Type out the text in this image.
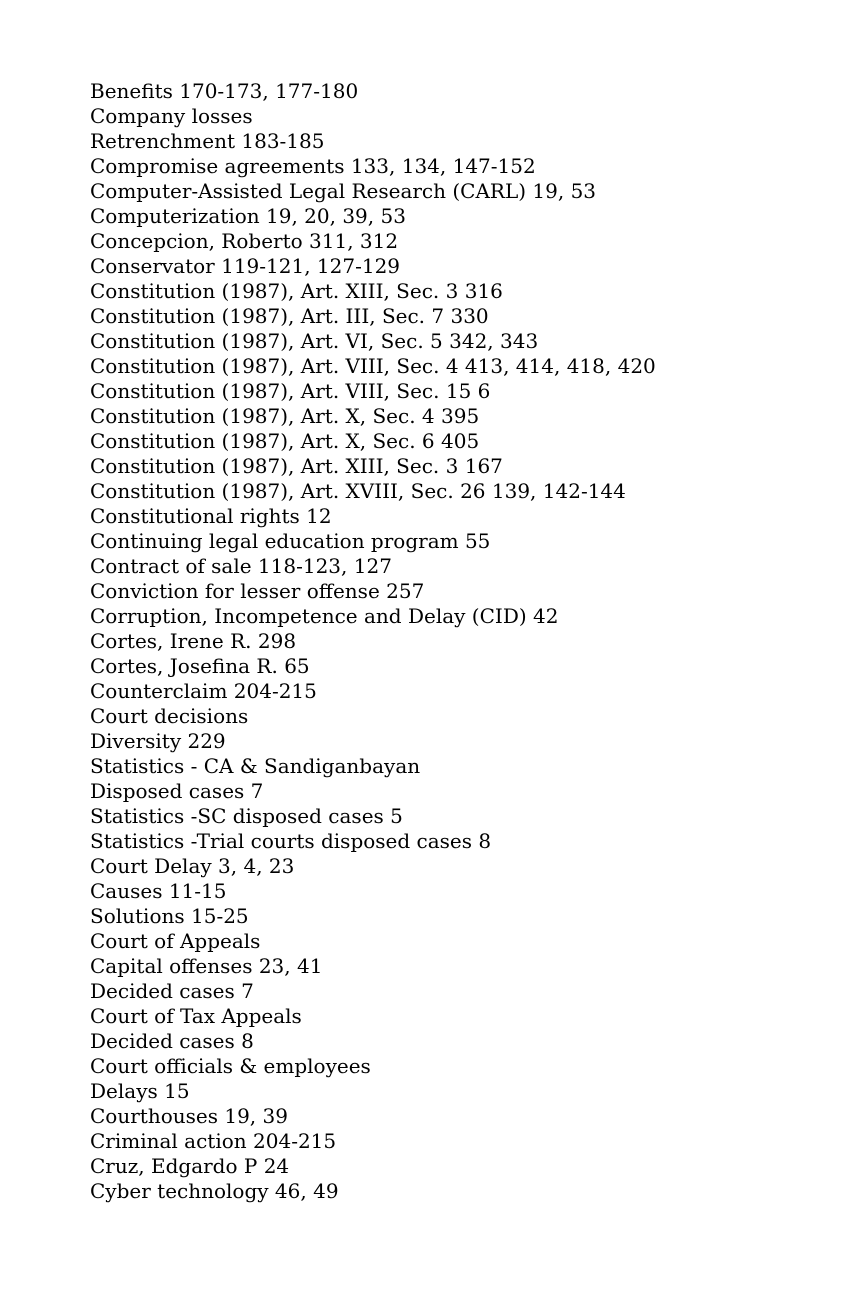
Benefits 170-173, 177-180
Company losses
Retrenchment 183-185
Compromise agreements 133, 134, 147-152
Computer-Assisted Legal Research (CARL) 19, 53
Computerization 19, 20, 39, 53
Concepcion, Roberto 311, 312
Conservator 119-121, 127-129
Constitution (1987), Art. XIII, Sec. 3 316
Constitution (1987), Art. III, Sec. 7 330
Constitution (1987), Art. VI, Sec. 5 342, 343
Constitution (1987), Art. VIII, Sec. 4 413, 414, 418, 420
Constitution (1987), Art. VIII, Sec. 15 6
Constitution (1987), Art. X, Sec. 4 395
Constitution (1987), Art. X, Sec. 6 405
Constitution (1987), Art. XIII, Sec. 3 167
Constitution (1987), Art. XVIII, Sec. 26 139, 142-144
Constitutional rights 12
Continuing legal education program 55
Contract of sale 118-123, 127
Conviction for lesser offense 257
Corruption, Incompetence and Delay (CID) 42
Cortes, Irene R. 298
Cortes, Josefina R. 65
Counterclaim 204-215
Court decisions
Diversity 229
Statistics - CA & Sandiganbayan
Disposed cases 7
Statistics -SC disposed cases 5
Statistics -Trial courts disposed cases 8
Court Delay 3, 4, 23
Causes 11-15
Solutions 15-25
Court of Appeals
Capital offenses 23, 41
Decided cases 7
Court of Tax Appeals
Decided cases 8
Court officials & employees
Delays 15
Courthouses 19, 39
Criminal action 204-215
Cruz, Edgardo P 24
Cyber technology 46, 49
